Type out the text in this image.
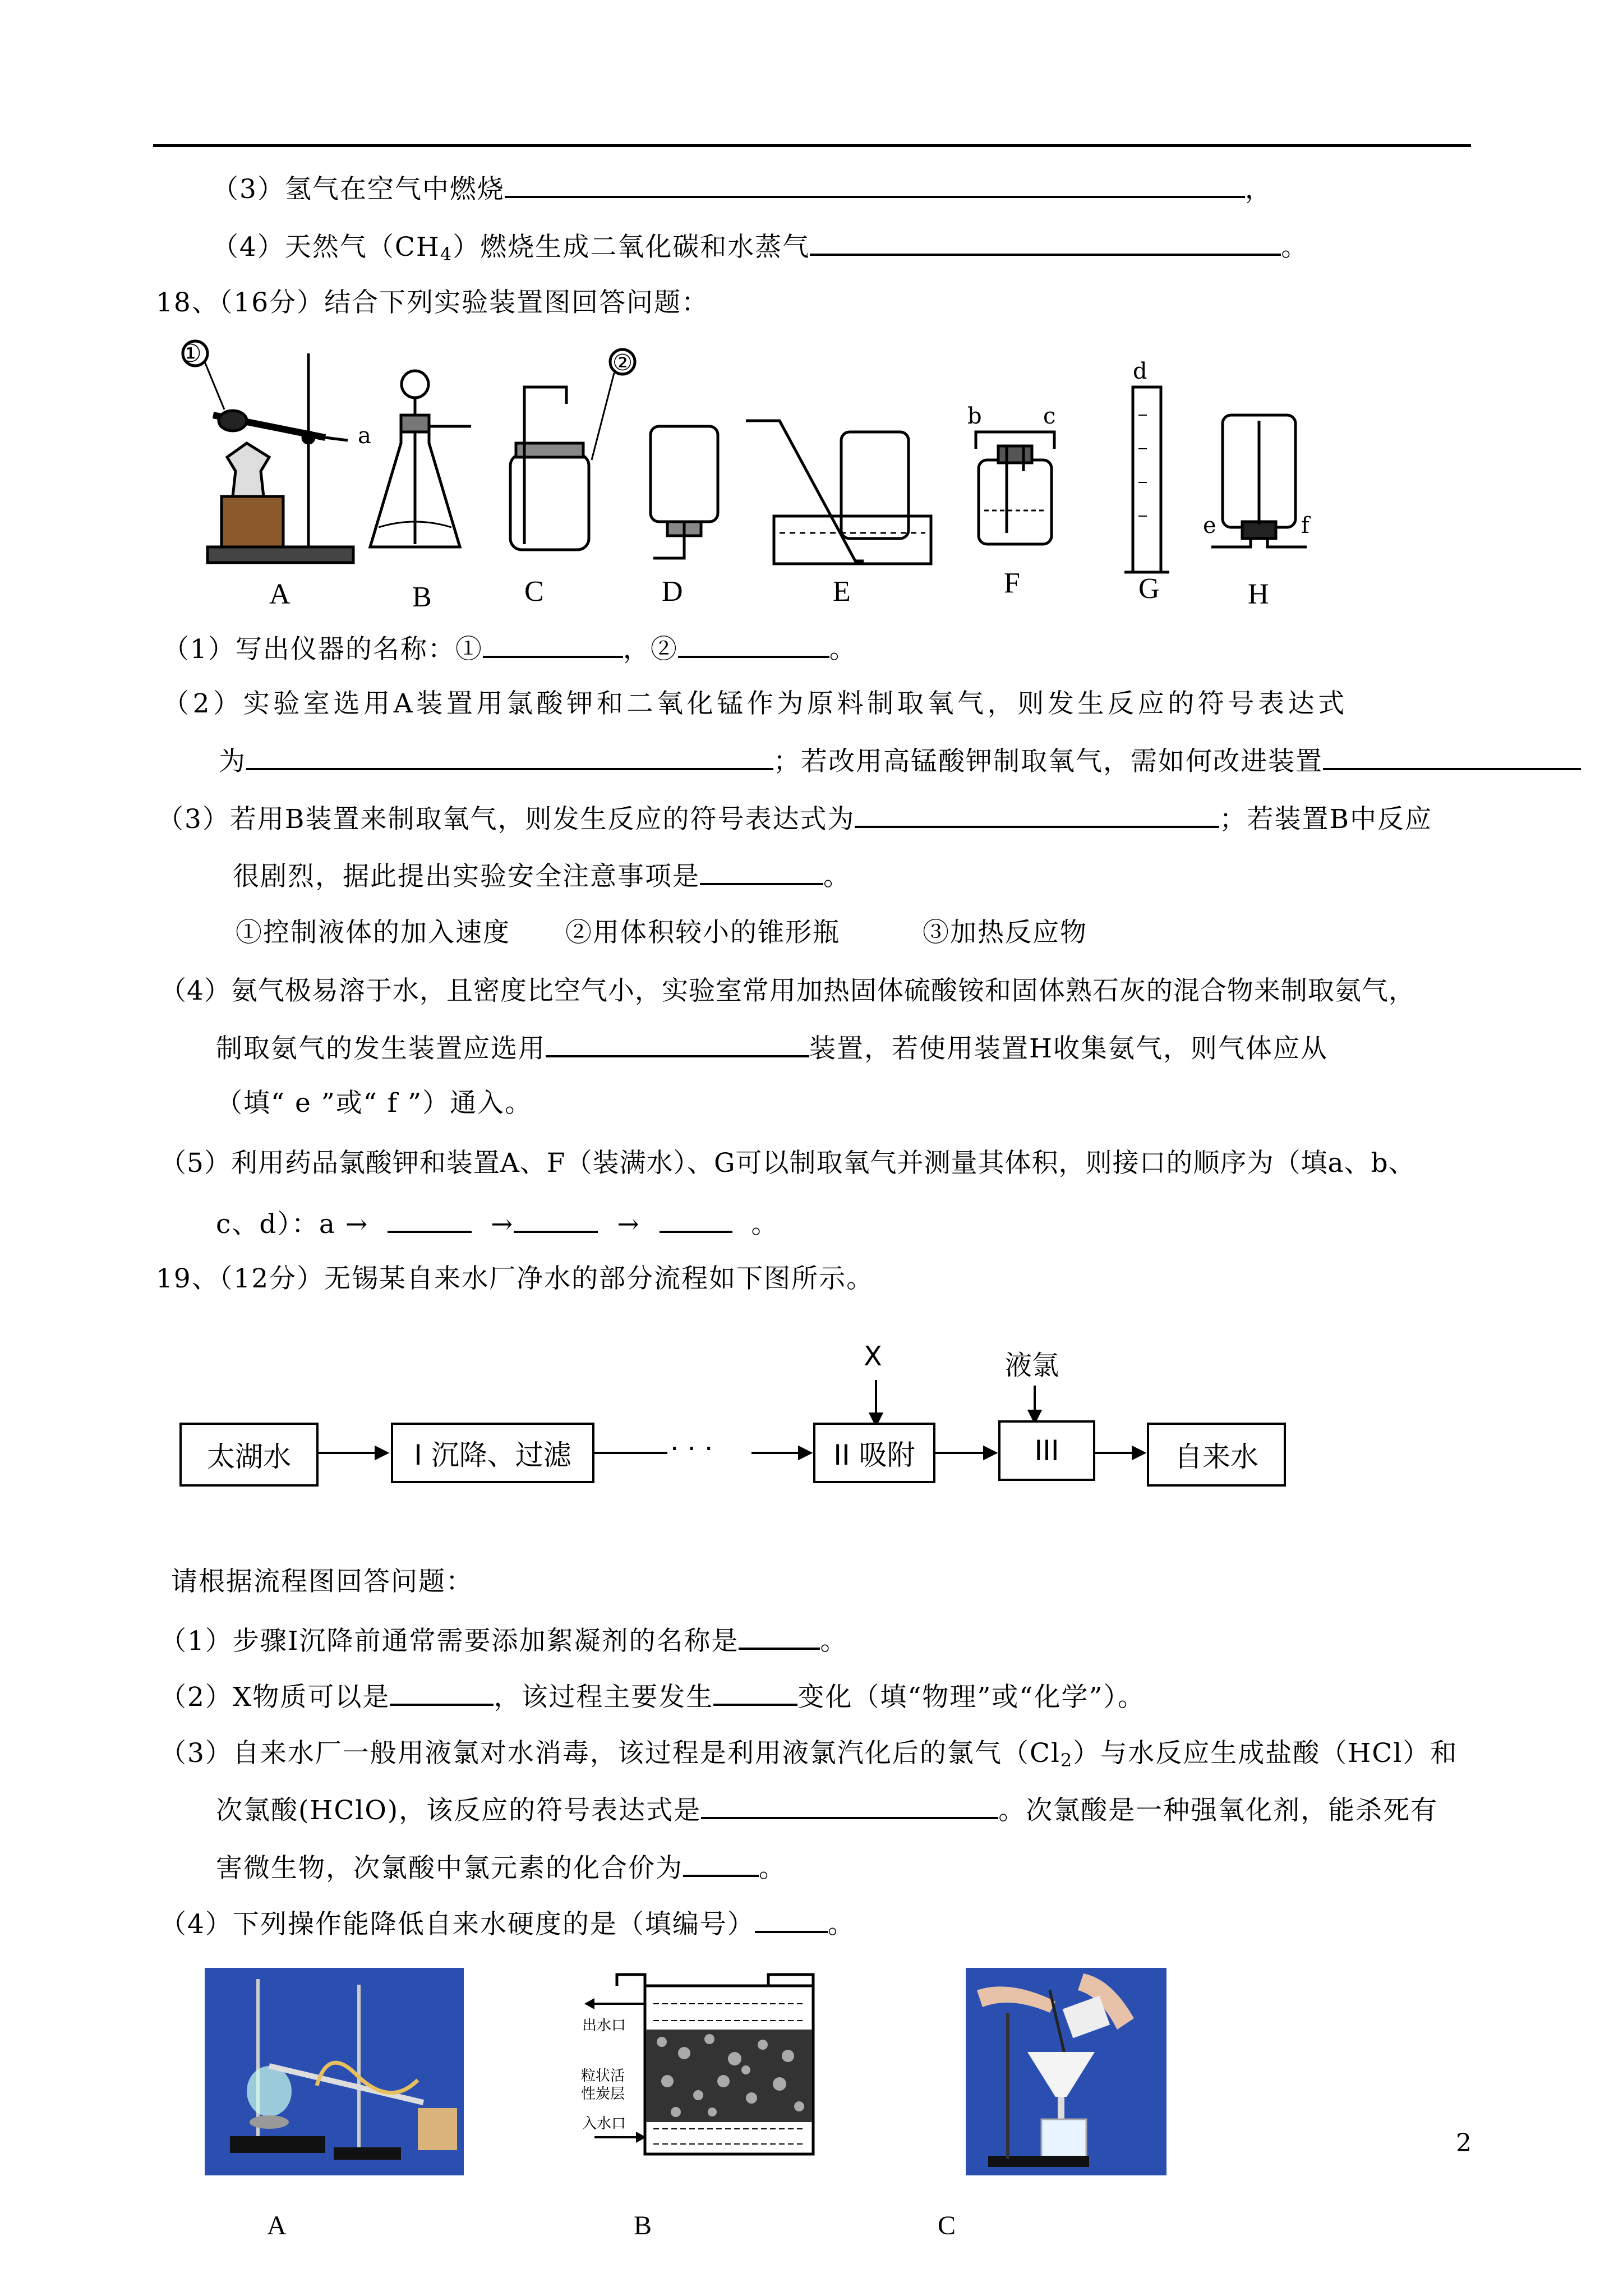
（3）氢气在空气中燃烧	，
（4）天然气$(CH_4)$燃烧生成二氧化碳和水蒸气	。
18、（16分）结合下列实验装置图回答问题：
①	②
a
b	c
d
e	f
A	B	C	D	E	F	G	H
（1）写出仪器的名称：①	，②	。
（2）实验室选用A装置用氯酸钾和二氧化锰作为原料制取氧气，则发生反应的符号表达式
为	；若改用高锰酸钾制取氧气，需如何改进装置
（3）若用B装置来制取氧气，则发生反应的符号表达式为	；若装置B中反应
很剧烈，据此提出实验安全注意事项是	。
①控制液体的加入速度　　②用体积较小的锥形瓶　　　③加热反应物
（4）氨气极易溶于水，且密度比空气小，实验室常用加热固体硫酸铵和固体熟石灰的混合物来制取氨气，
制取氨气的发生装置应选用	装置，若使用装置H收集氨气，则气体应从
（填“ e ”或“ f ”）通入。
（5）利用药品氯酸钾和装置A、F（装满水）、G可以制取氧气并测量其体积，则接口的顺序为（填a、b、
c、d）：a →	→	→	。
19、（12分）无锡某自来水厂净水的部分流程如下图所示。
太湖水	I 沉降、过滤	· · ·	II 吸附	III	自来水
X	液氯
请根据流程图回答问题：
（1）步骤Ⅰ沉降前通常需要添加絮凝剂的名称是	。
（2）X物质可以是	，该过程主要发生	变化（填“物理”或“化学”）。
（3）自来水厂一般用液氯对水消毒，该过程是利用液氯汽化后的氯气$(Cl_2)$与水反应生成盐酸（HCl）和
次氯酸(HClO)，该反应的符号表达式是	。次氯酸是一种强氧化剂，能杀死有
害微生物，次氯酸中氯元素的化合价为	。
（4）下列操作能降低自来水硬度的是（填编号）	。
出水口
粒状活
性炭层
入水口
A	B	C
2
